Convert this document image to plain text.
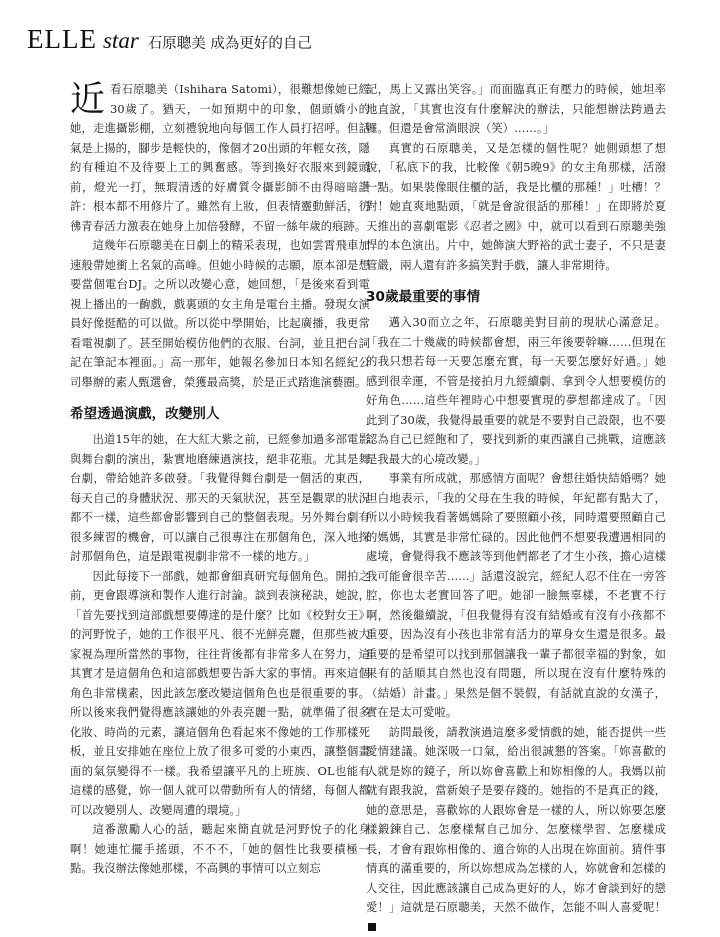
ELLE star 石原聰美 成為更好的自己

近看石原聰美（Ishihara Satomi），很難想像她已經30歲了。猶天，一如預期中的印象，個頭嬌小的她，走進攝影棚，立刻禮貌地向每個工作人員打招呼。但話氣是上揚的，腳步是輕快的，像個才20出頭的年輕女孩，隱約有種迫不及待要上工的興奮感。等到換好衣服來到鏡頭前，燈光一打，無瑕清透的好膚質令攝影師不由得暗暗讚許：根本都不用修片了。雖然有上妝，但表情靈動鮮活，彷彿青春活力激表在她身上加倍發酵，不留一絲年歲的痕跡。

這幾年石原聰美在日劇上的精采表現，也如雲霄飛車加速般帶她衝上名氣的高峰。但她小時候的志願，原本卻是想要當個電台DJ。之所以改變心意，她回想，「是後來看到電視上播出的一齣戲，戲裏頭的女主角是電台主播。發現女演員好像挺酷的可以做。所以從中學開始，比起廣播，我更常看電視劇了。甚至開始模仿他們的衣服、台詞，並且把台詞記在筆記本裡面。」高一那年，她報名參加日本知名經紀公司舉辦的素人甄選會，榮獲最高獎，於是正式踏進演藝圈。

希望透過演戲，改變別人

出道15年的她，在大紅大紫之前，已經參加過多部電影與舞台劇的演出，紮實地磨練過演技，絕非花瓶。尤其是舞台劇，帶給她許多啟發。「我覺得舞台劇是一個活的東西，每天自己的身體狀況、那天的天氣狀況，甚至是觀眾的狀況都不一樣，這些都會影響到自己的整個表現。另外舞台劇有很多練習的機會，可以讓自己很專注在那個角色，深入地探討那個角色，這是跟電視劇非常不一樣的地方。」

因此每接下一部戲，她都會細真研究每個角色。開拍之前，更會跟導演和製作人進行討論。談到表演秘訣，她說，「首先要找到這部戲想要傳達的是什麼？比如《校對女王》的河野悅子，她的工作很平凡、很不光鮮亮麗，但那些被大家視為理所當然的事物，往往背後都有非常多人在努力，這其實才是這個角色和這部戲想要告訴大家的事情。再來這個角色非常樸素，因此該怎麼改變這個角色也是很重要的事。所以後來我們覺得應該讓她的外表亮麗一點，就準備了很多化妝、時尚的元素，讓這個角色看起來不像她的工作那樣死板，並且安排她在座位上放了很多可愛的小東西，讓整個畫面的氣氛變得不一樣。我希望讓平凡的上班族、OL也能有這樣的感覺，妳一個人就可以帶動所有人的情緒，每個人都可以改變別人、改變周遭的環境。」

這番激勵人心的話，聽起來簡直就是河野悅子的化身啊！她連忙擺手搖頭，不不不，「她的個性比我要積極一點。我沒辦法像她那樣，不高興的事情可以立刻忘

記，馬上又露出笑容。」而面臨真正有壓力的時候，她坦率地直說，「其實也沒有什麼解決的辦法，只能想辦法跨過去囉。但還是會常淌眼淚（笑）……。」

真實的石原聰美，又是怎樣的個性呢？她側頭想了想說，「私底下的我，比較像《朝5晚9》的女主角那樣，活潑一點。如果裝像眼住櫃的話，我是比櫃的那種！」吐槽！？對！她直爽地點頭，「就是會說很話的那種！」在即將於夏天推出的喜劇電影《忍者之國》中，就可以看到石原聰美強悍的本色演出。片中，她飾演大野裕的武士妻子，不只是妻管嚴，兩人還有許多搞笑對手戲，讓人非常期待。

30歲最重要的事情

邁入30而立之年，石原聰美對目前的現狀心滿意足。「我在二十幾歲的時候都會想，兩三年後要幹嘛……但現在的我只想若每一天要怎麼充實，每一天要怎麼好好過。」她感到很幸運，不管是接拍月九經續劇、拿到令人想要模仿的好角色……這些年裡時心中想要實現的夢想都達成了。「因此到了30歲，我覺得最重要的就是不要對自己設限，也不要認為自己已經飽和了，要找到新的東西讓自己挑戰，這應該是我最大的心境改變。」

事業有所成就，那感情方面呢？會想往婚快結婚嗎？她坦白地表示，「我的父母在生我的時候，年紀都有點大了，所以小時候我看著媽媽除了要照顧小孩，同時還要照顧自己的媽媽，其實是非常忙碌的。因此他們不想要我遭遇相同的處境，會覺得我不應該等到他們都老了才生小孩，擔心這樣我可能會很辛苦……」話還沒說完，經紀人忍不住在一旁答腔，你也太老實回答了吧。她卻一臉無辜樣，不老實不行啊，然後繼續說，「但我覺得有沒有結婚或有沒有小孩都不重要，因為沒有小孩也非常有活力的單身女生還是很多。最重要的是希望可以找到那個讓我一輩子都很幸福的對象，如果有的話順其自然也沒有問題，所以現在沒有什麼特殊的（結婚）計畫。」果然是個不裝假，有話就直說的女漢子，實在是太可愛啦。

訪問最後，請教演過這麼多愛情戲的她，能否提供一些愛情建議。她深吸一口氣，給出很誠懇的答案。「妳喜歡的人就是妳的鏡子，所以妳會喜歡上和妳相像的人。我媽以前就有跟我說，當新娘子是要存錢的。她指的不是真正的錢，她的意思是，喜歡妳的人跟妳會是一樣的人，所以妳要怎麼樣鍛鍊自己、怎麼樣幫自己加分、怎麼樣學習、怎麼樣成長，才會有跟妳相像的、適合妳的人出現在妳面前。猜件事情真的滿重要的，所以妳想成為怎樣的人，妳就會和怎樣的人交往，因此應該讓自己成為更好的人，妳才會談到好的戀愛！」這就是石原聰美，天然不做作，怎能不叫人喜愛呢！
